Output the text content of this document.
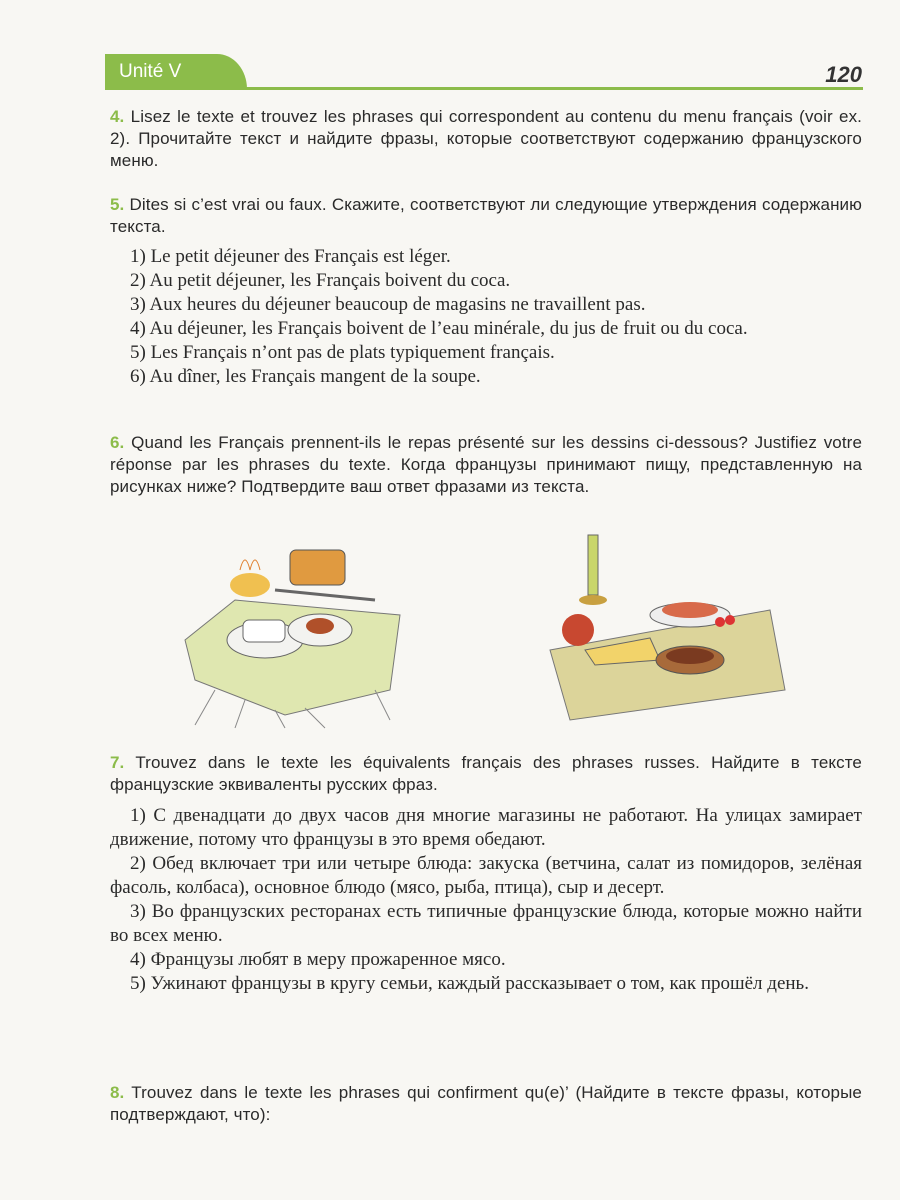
Unité V	120
4. Lisez le texte et trouvez les phrases qui correspondent au contenu du menu français (voir ex. 2). Прочитайте текст и найдите фразы, которые соответствуют содержанию французского меню.
5. Dites si c’est vrai ou faux. Скажите, соответствуют ли следующие утверждения содержанию текста.
1) Le petit déjeuner des Français est léger.
2) Au petit déjeuner, les Français boivent du coca.
3) Aux heures du déjeuner beaucoup de magasins ne travaillent pas.
4) Au déjeuner, les Français boivent de l’eau minérale, du jus de fruit ou du coca.
5) Les Français n’ont pas de plats typiquement français.
6) Au dîner, les Français mangent de la soupe.
6. Quand les Français prennent-ils le repas présenté sur les dessins ci-dessous? Justifiez votre réponse par les phrases du texte. Когда французы принимают пищу, представленную на рисунках ниже? Подтвердите ваш ответ фразами из текста.
7. Trouvez dans le texte les équivalents français des phrases russes. Найдите в тексте французские эквиваленты русских фраз.
1) С двенадцати до двух часов дня многие магазины не работают. На улицах замирает движение, потому что французы в это время обедают.
2) Обед включает три или четыре блюда: закуска (ветчина, салат из помидоров, зелёная фасоль, колбаса), основное блюдо (мясо, рыба, птица), сыр и десерт.
3) Во французских ресторанах есть типичные французские блюда, которые можно найти во всех меню.
4) Французы любят в меру прожаренное мясо.
5) Ужинают французы в кругу семьи, каждый рассказывает о том, как прошёл день.
8. Trouvez dans le texte les phrases qui confirment qu(e)’ (Найдите в тексте фразы, которые подтверждают, что):
